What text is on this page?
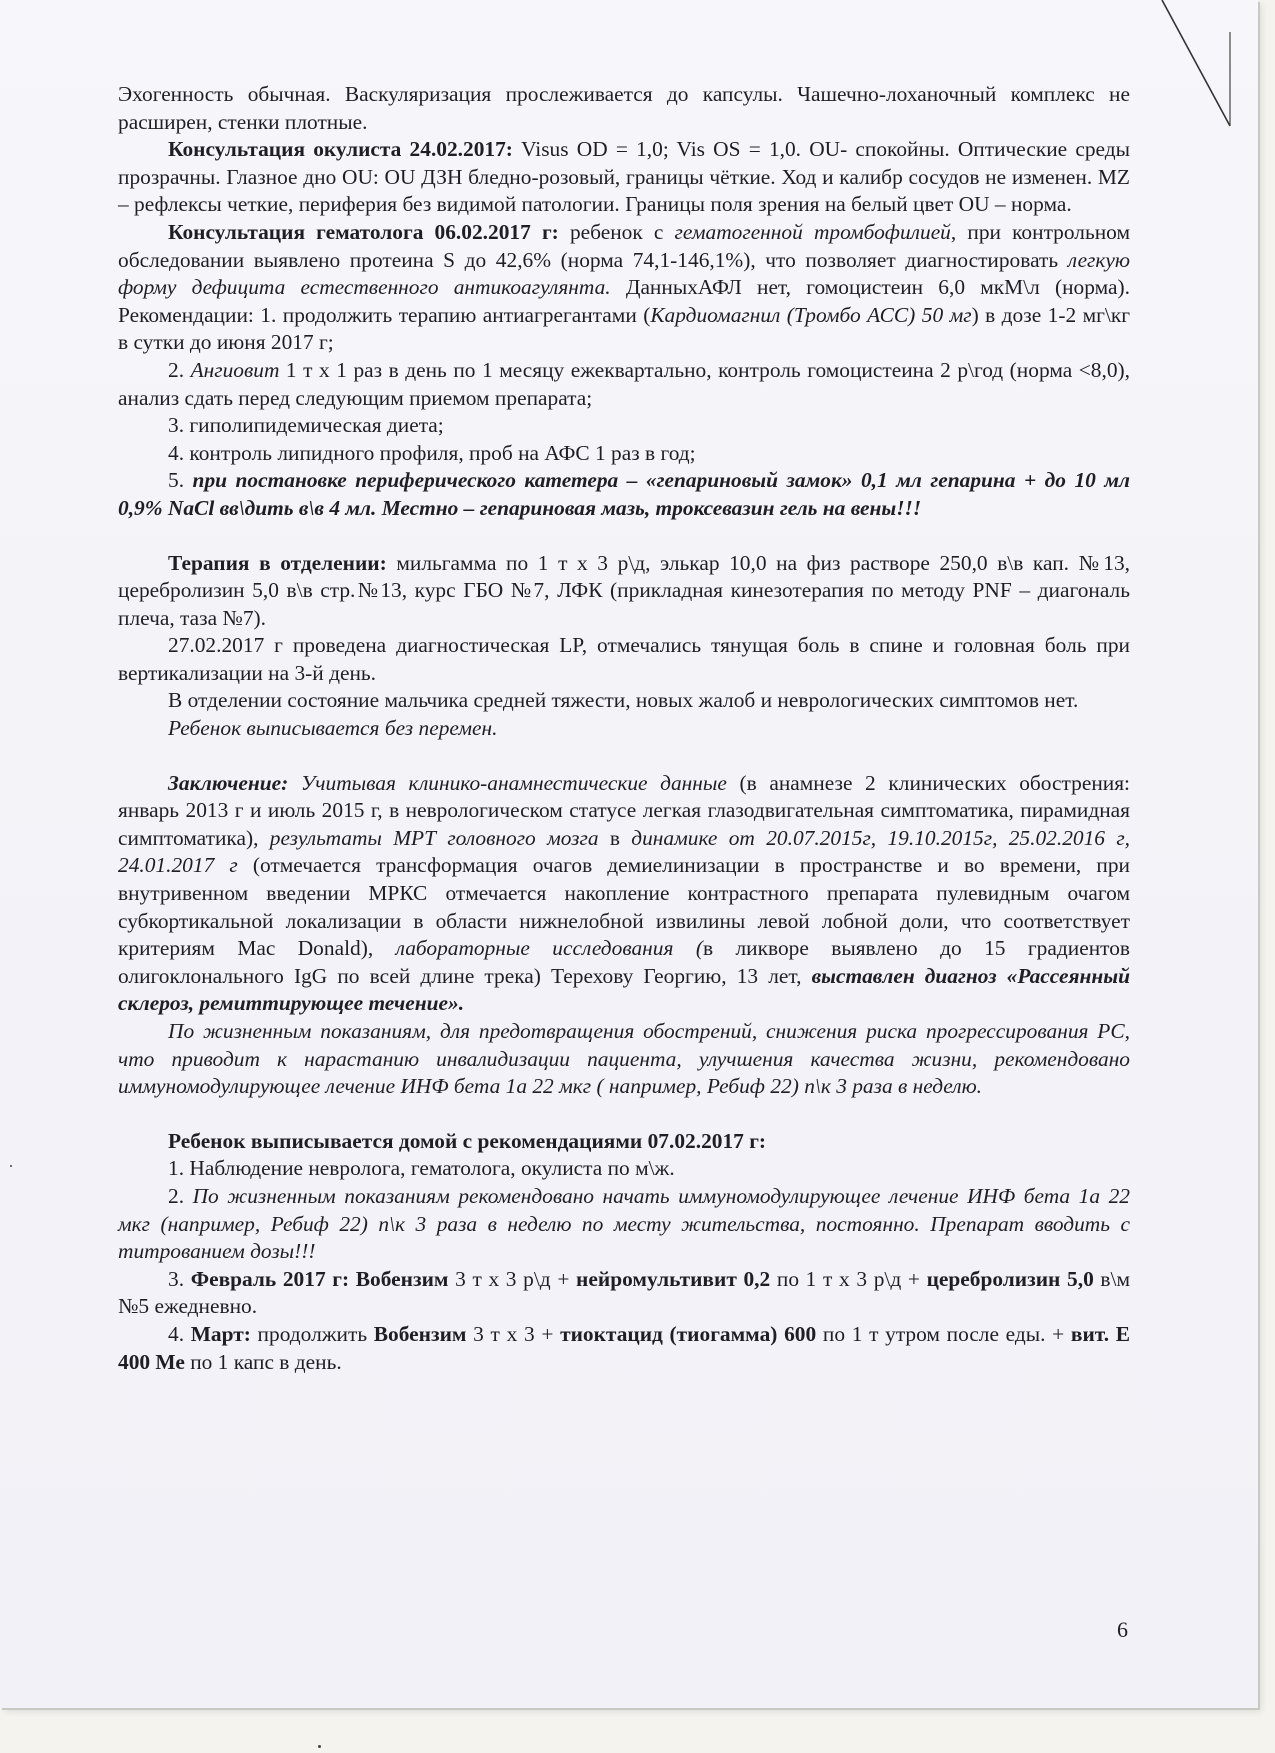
Эхогенность обычная. Васкуляризация прослеживается до капсулы. Чашечно-лоханочный комплекс не расширен, стенки плотные.

Консультация окулиста 24.02.2017: Visus OD = 1,0; Vis OS = 1,0. OU- спокойны. Оптические среды прозрачны. Глазное дно OU: OU ДЗН бледно-розовый, границы чёткие. Ход и калибр сосудов не изменен. MZ – рефлексы четкие, периферия без видимой патологии. Границы поля зрения на белый цвет OU – норма.

Консультация гематолога 06.02.2017 г: ребенок с гематогенной тромбофилией, при контрольном обследовании выявлено протеина S до 42,6% (норма 74,1-146,1%), что позволяет диагностировать легкую форму дефицита естественного антикоагулянта. ДанныхАФЛ нет, гомоцистеин 6,0 мкМ\л (норма). Рекомендации: 1. продолжить терапию антиагрегантами (Кардиомагнил (Тромбо АСС) 50 мг) в дозе 1-2 мг\кг в сутки до июня 2017 г;

2. Ангиовит 1 т х 1 раз в день по 1 месяцу ежеквартально, контроль гомоцистеина 2 р\год (норма <8,0), анализ сдать перед следующим приемом препарата;

3. гиполипидемическая диета;

4. контроль липидного профиля, проб на АФС 1 раз в год;

5. при постановке периферического катетера – «гепариновый замок» 0,1 мл гепарина + до 10 мл 0,9% NaCl вв\дить в\в 4 мл. Местно – гепариновая мазь, троксевазин гель на вены!!!

Терапия в отделении: мильгамма по 1 т х 3 р\д, элькар 10,0 на физ растворе 250,0 в\в кап. №13, церебролизин 5,0 в\в стр.№13, курс ГБО №7, ЛФК (прикладная кинезотерапия по методу PNF – диагональ плеча, таза №7).

27.02.2017 г проведена диагностическая LP, отмечались тянущая боль в спине и головная боль при вертикализации на 3-й день.

В отделении состояние мальчика средней тяжести, новых жалоб и неврологических симптомов нет.

Ребенок выписывается без перемен.

Заключение: Учитывая клинико-анамнестические данные (в анамнезе 2 клинических обострения: январь 2013 г и июль 2015 г, в неврологическом статусе легкая глазодвигательная симптоматика, пирамидная симптоматика), результаты МРТ головного мозга в динамике от 20.07.2015г, 19.10.2015г, 25.02.2016 г, 24.01.2017 г (отмечается трансформация очагов демиелинизации в пространстве и во времени, при внутривенном введении МРКС отмечается накопление контрастного препарата пулевидным очагом субкортикальной локализации в области нижнелобной извилины левой лобной доли, что соответствует критериям Mac Donald), лабораторные исследования (в ликворе выявлено до 15 градиентов олигоклонального IgG по всей длине трека) Терехову Георгию, 13 лет, выставлен диагноз «Рассеянный склероз, ремиттирующее течение».

По жизненным показаниям, для предотвращения обострений, снижения риска прогрессирования РС, что приводит к нарастанию инвалидизации пациента, улучшения качества жизни, рекомендовано иммуномодулирующее лечение ИНФ бета 1а 22 мкг ( например, Ребиф 22) п\к 3 раза в неделю.

Ребенок выписывается домой с рекомендациями 07.02.2017 г:

1. Наблюдение невролога, гематолога, окулиста по м\ж.

2. По жизненным показаниям рекомендовано начать иммуномодулирующее лечение ИНФ бета 1а 22 мкг (например, Ребиф 22) п\к 3 раза в неделю по месту жительства, постоянно. Препарат вводить с титрованием дозы!!!

3. Февраль 2017 г: Вобензим 3 т х 3 р\д + нейромультивит 0,2 по 1 т х 3 р\д + церебролизин 5,0 в\м №5 ежедневно.

4. Март: продолжить Вобензим 3 т х 3 + тиоктацид (тиогамма) 600 по 1 т утром после еды. + вит. Е 400 Ме по 1 капс в день.

6
